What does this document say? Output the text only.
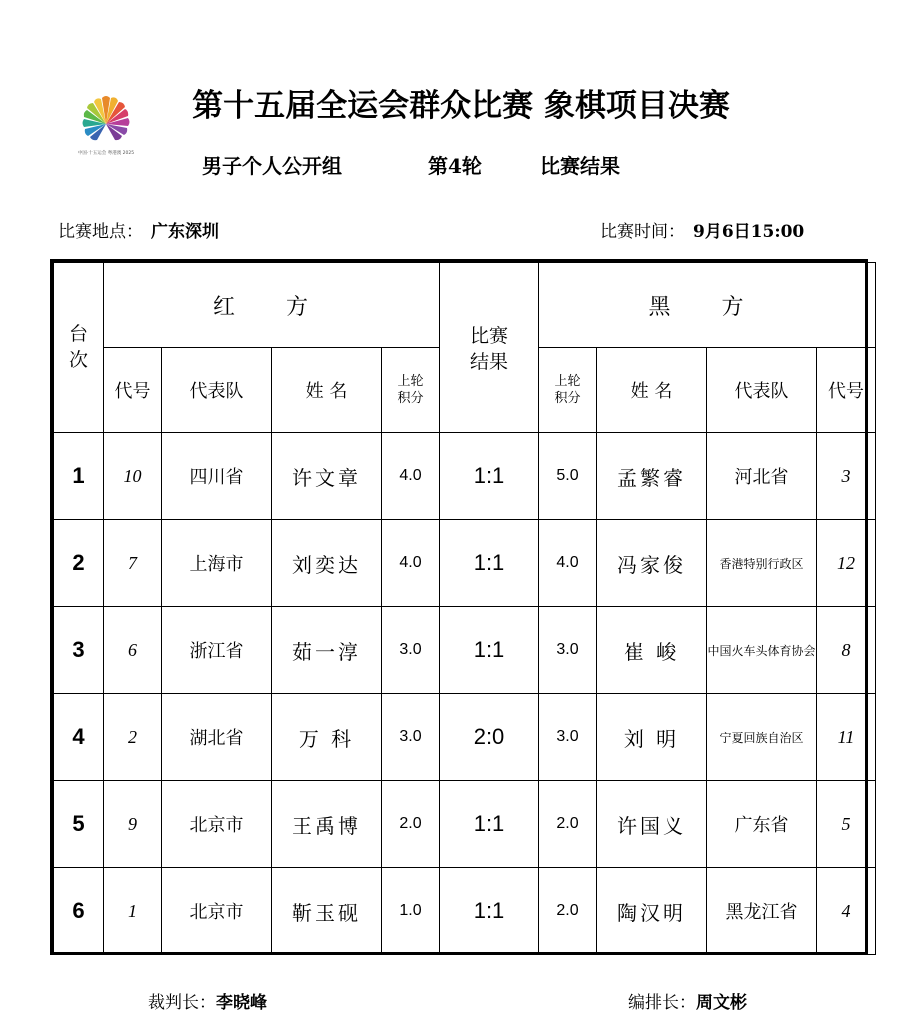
中国·十五运会 粤港澳 2025
第十五届全运会群众比赛 象棋项目决赛
男子个人公开组	第4轮	比赛结果
比赛地点： 广东深圳	比赛时间： 9月6日15:00
台次	红 方				比赛结果	黑 方			
	代号	代表队	姓 名	上轮积分		上轮积分	姓 名	代表队	代号
1	10	四川省	许文章	4.0	1:1	5.0	孟繁睿	河北省	3
2	7	上海市	刘奕达	4.0	1:1	4.0	冯家俊	香港特别行政区	12
3	6	浙江省	茹一淳	3.0	1:1	3.0	崔 峻	中国火车头体育协会	8
4	2	湖北省	万 科	3.0	2:0	3.0	刘 明	宁夏回族自治区	11
5	9	北京市	王禹博	2.0	1:1	2.0	许国义	广东省	5
6	1	北京市	靳玉砚	1.0	1:1	2.0	陶汉明	黑龙江省	4
裁判长：李晓峰	编排长：周文彬
